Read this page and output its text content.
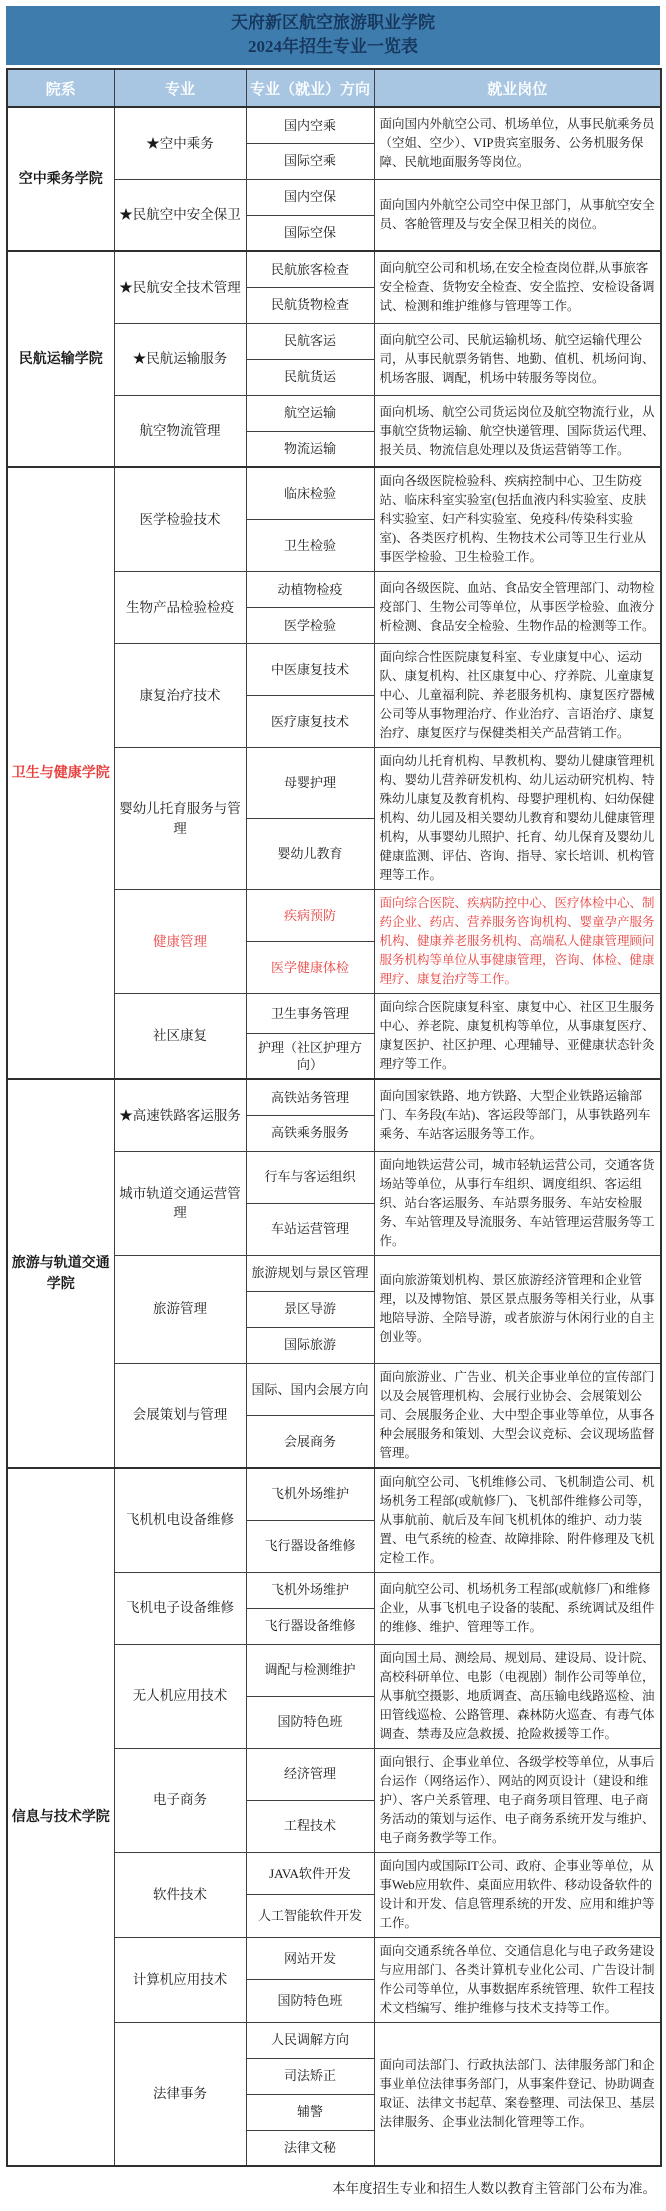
天府新区航空旅游职业学院
2024年招生专业一览表
院系	专业	专业（就业）方向	就业岗位
空中乘务学院	★空中乘务	国内空乘	面向国内外航空公司、机场单位，从事民航乘务员（空姐、空少）、VIP贵宾室服务、公务机服务保障、民航地面服务等岗位。
		国际空乘	
	★民航空中安全保卫	国内空保	面向国内外航空公司空中保卫部门，从事航空安全员、客舱管理及与安全保卫相关的岗位。
		国际空保	
民航运输学院	★民航安全技术管理	民航旅客检查	面向航空公司和机场,在安全检查岗位群,从事旅客安全检查、货物安全检查、安全监控、安检设备调试、检测和维护维修与管理等工作。
		民航货物检查	
	★民航运输服务	民航客运	面向航空公司、民航运输机场、航空运输代理公司，从事民航票务销售、地勤、值机、机场问询、机场客服、调配，机场中转服务等岗位。
		民航货运	
	航空物流管理	航空运输	面向机场、航空公司货运岗位及航空物流行业，从事航空货物运输、航空快递管理、国际货运代理、报关员、物流信息处理以及货运营销等工作。
		物流运输	
卫生与健康学院	医学检验技术	临床检验	面向各级医院检验科、疾病控制中心、卫生防疫站、临床科室实验室(包括血液内科实验室、皮肤科实验室、妇产科实验室、免疫科/传染科实验室)、各类医疗机构、生物技术公司等卫生行业从事医学检验、卫生检验工作。
		卫生检验	
	生物产品检验检疫	动植物检疫	面向各级医院、血站、食品安全管理部门、动物检疫部门、生物公司等单位，从事医学检验、血液分析检测、食品安全检验、生物作品的检测等工作。
		医学检验	
	康复治疗技术	中医康复技术	面向综合性医院康复科室、专业康复中心、运动队、康复机构、社区康复中心、疗养院、儿童康复中心、儿童福利院、养老服务机构、康复医疗器械公司等从事物理治疗、作业治疗、言语治疗、康复治疗、康复医疗与保健类相关产品营销工作。
		医疗康复技术	
	婴幼儿托育服务与管理	母婴护理	面向幼儿托育机构、早教机构、婴幼儿健康管理机构、婴幼儿营养研发机构、幼儿运动研究机构、特殊幼儿康复及教育机构、母婴护理机构、妇幼保健机构、幼儿园及相关婴幼儿教育和婴幼儿健康管理机构，从事婴幼儿照护、托育、幼儿保育及婴幼儿健康监测、评估、咨询、指导、家长培训、机构管理等工作。
		婴幼儿教育	
	健康管理	疾病预防	面向综合医院、疾病防控中心、医疗体检中心、制药企业、药店、营养服务咨询机构、婴童孕产服务机构、健康养老服务机构、高端私人健康管理顾问服务机构等单位从事健康管理，咨询、体检、健康理疗、康复治疗等工作。
		医学健康体检	
	社区康复	卫生事务管理	面向综合医院康复科室、康复中心、社区卫生服务中心、养老院、康复机构等单位，从事康复医疗、康复医护、社区护理、心理辅导、亚健康状态针灸理疗等工作。
		护理（社区护理方向）	
旅游与轨道交通学院	★高速铁路客运服务	高铁站务管理	面向国家铁路、地方铁路、大型企业铁路运输部门、车务段(车站)、客运段等部门，从事铁路列车乘务、车站客运服务等工作。
		高铁乘务服务	
	城市轨道交通运营管理	行车与客运组织	面向地铁运营公司，城市轻轨运营公司，交通客货场站等单位，从事行车组织、调度组织、客运组织、站台客运服务、车站票务服务、车站安检服务、车站管理及导流服务、车站管理运营服务等工作。
		车站运营管理	
	旅游管理	旅游规划与景区管理	面向旅游策划机构、景区旅游经济管理和企业管理，以及博物馆、景区景点服务等相关行业，从事地陪导游、全陪导游，或者旅游与休闲行业的自主创业等。
		景区导游	
		国际旅游	
	会展策划与管理	国际、国内会展方向	面向旅游业、广告业、机关企事业单位的宣传部门以及会展管理机构、会展行业协会、会展策划公司、会展服务企业、大中型企事业等单位，从事各种会展服务和策划、大型会议竞标、会议现场监督管理。
		会展商务	
信息与技术学院	飞机机电设备维修	飞机外场维护	面向航空公司、飞机维修公司、飞机制造公司、机场机务工程部(或航修厂)、飞机部件维修公司等，从事航前、航后及车间飞机机体的维护、动力装置、电气系统的检查、故障排除、附件修理及飞机定检工作。
		飞行器设备维修	
	飞机电子设备维修	飞机外场维护	面向航空公司、机场机务工程部(或航修厂)和维修企业，从事飞机电子设备的装配、系统调试及组件的维修、维护、管理等工作。
		飞行器设备维修	
	无人机应用技术	调配与检测维护	面向国土局、测绘局、规划局、建设局、设计院、高校科研单位、电影（电视剧）制作公司等单位，从事航空摄影、地质调查、高压输电线路巡检、油田管线巡检、公路管理、森林防火巡查、有毒气体调查、禁毒及应急救援、抢险救援等工作。
		国防特色班	
	电子商务	经济管理	面向银行、企事业单位、各级学校等单位，从事后台运作（网络运作）、网站的网页设计（建设和维护）、客户关系管理、电子商务项目管理、电子商务活动的策划与运作、电子商务系统开发与维护、电子商务教学等工作。
		工程技术	
	软件技术	JAVA软件开发	面向国内或国际IT公司、政府、企事业等单位，从事Web应用软件、桌面应用软件、移动设备软件的设计和开发、信息管理系统的开发、应用和维护等工作。
		人工智能软件开发	
	计算机应用技术	网站开发	面向交通系统各单位、交通信息化与电子政务建设与应用部门、各类计算机专业化公司、广告设计制作公司等单位，从事数据库系统管理、软件工程技术文档编写、维护维修与技术支持等工作。
		国防特色班	
	法律事务	人民调解方向	面向司法部门、行政执法部门、法律服务部门和企事业单位法律事务部门，从事案件登记、协助调查取证、法律文书起草、案卷整理、司法保卫、基层法律服务、企事业法制化管理等工作。
		司法矫正	
		辅警	
		法律文秘	
本年度招生专业和招生人数以教育主管部门公布为准。
